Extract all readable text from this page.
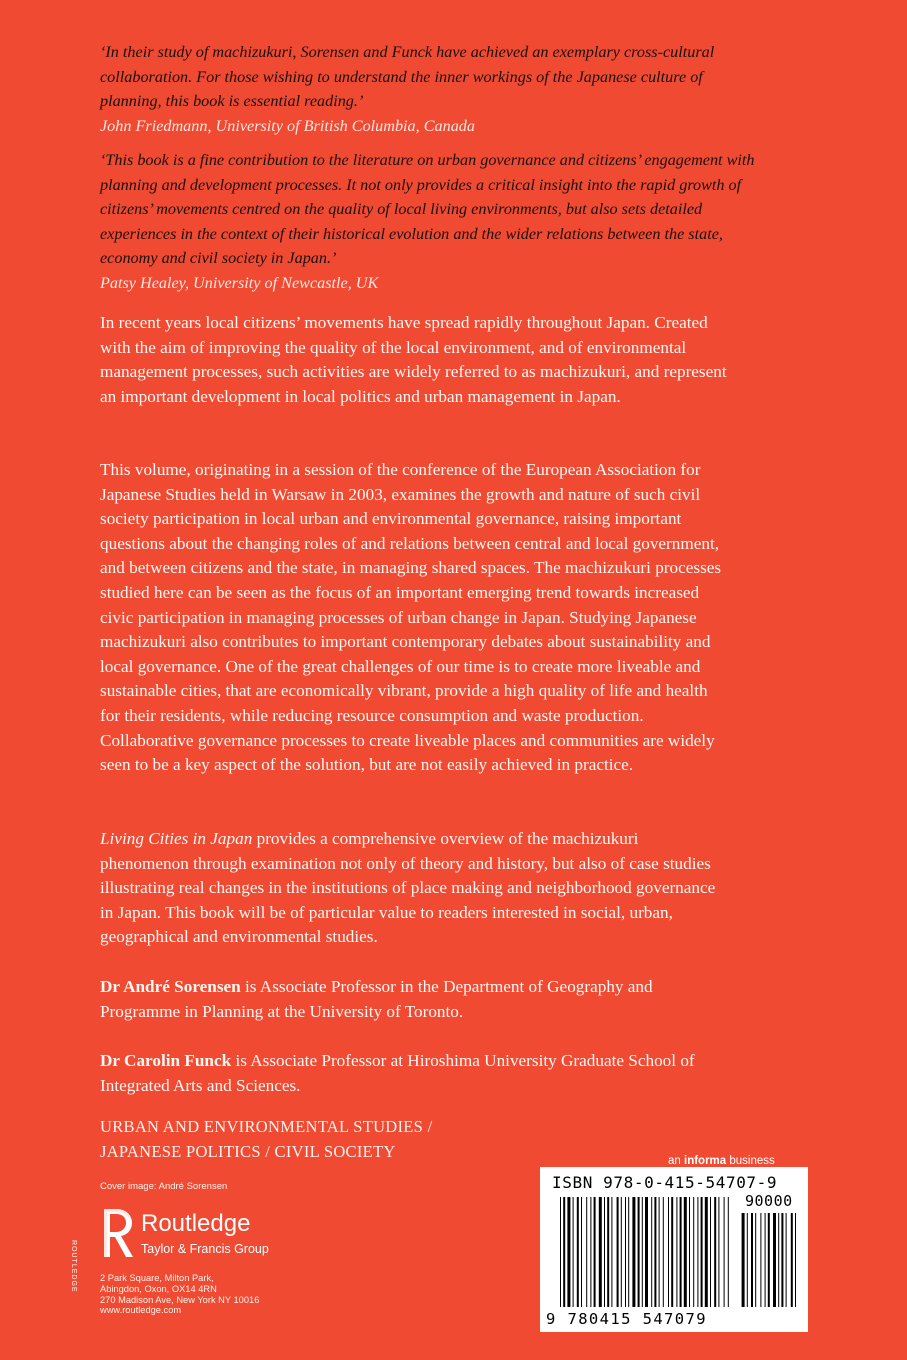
‘In their study of machizukuri, Sorensen and Funck have achieved an exemplary cross-cultural collaboration. For those wishing to understand the inner workings of the Japanese culture of planning, this book is essential reading.’

John Friedmann, University of British Columbia, Canada

‘This book is a fine contribution to the literature on urban governance and citizens’ engagement with planning and development processes. It not only provides a critical insight into the rapid growth of citizens’ movements centred on the quality of local living environments, but also sets detailed experiences in the context of their historical evolution and the wider relations between the state, economy and civil society in Japan.’

Patsy Healey, University of Newcastle, UK

In recent years local citizens’ movements have spread rapidly throughout Japan. Created with the aim of improving the quality of the local environment, and of environmental management processes, such activities are widely referred to as machizukuri, and represent an important development in local politics and urban management in Japan.

This volume, originating in a session of the conference of the European Association for Japanese Studies held in Warsaw in 2003, examines the growth and nature of such civil society participation in local urban and environmental governance, raising important questions about the changing roles of and relations between central and local government, and between citizens and the state, in managing shared spaces. The machizukuri processes studied here can be seen as the focus of an important emerging trend towards increased civic participation in managing processes of urban change in Japan. Studying Japanese machizukuri also contributes to important contemporary debates about sustainability and local governance. One of the great challenges of our time is to create more liveable and sustainable cities, that are economically vibrant, provide a high quality of life and health for their residents, while reducing resource consumption and waste production. Collaborative governance processes to create liveable places and communities are widely seen to be a key aspect of the solution, but are not easily achieved in practice.

Living Cities in Japan provides a comprehensive overview of the machizukuri phenomenon through examination not only of theory and history, but also of case studies illustrating real changes in the institutions of place making and neighborhood governance in Japan. This book will be of particular value to readers interested in social, urban, geographical and environmental studies.

Dr André Sorensen is Associate Professor in the Department of Geography and Programme in Planning at the University of Toronto.

Dr Carolin Funck is Associate Professor at Hiroshima University Graduate School of Integrated Arts and Sciences.

URBAN AND ENVIRONMENTAL STUDIES /
JAPANESE POLITICS / CIVIL SOCIETY
Cover image: André Sorensen
ROUTLEDGE
Routledge
Taylor & Francis Group
2 Park Square, Milton Park,
Abingdon, Oxon, OX14 4RN
270 Madison Ave, New York NY 10016
www.routledge.com
an informa business
ISBN 978-0-415-54707-9
90000
9 780415 547079
